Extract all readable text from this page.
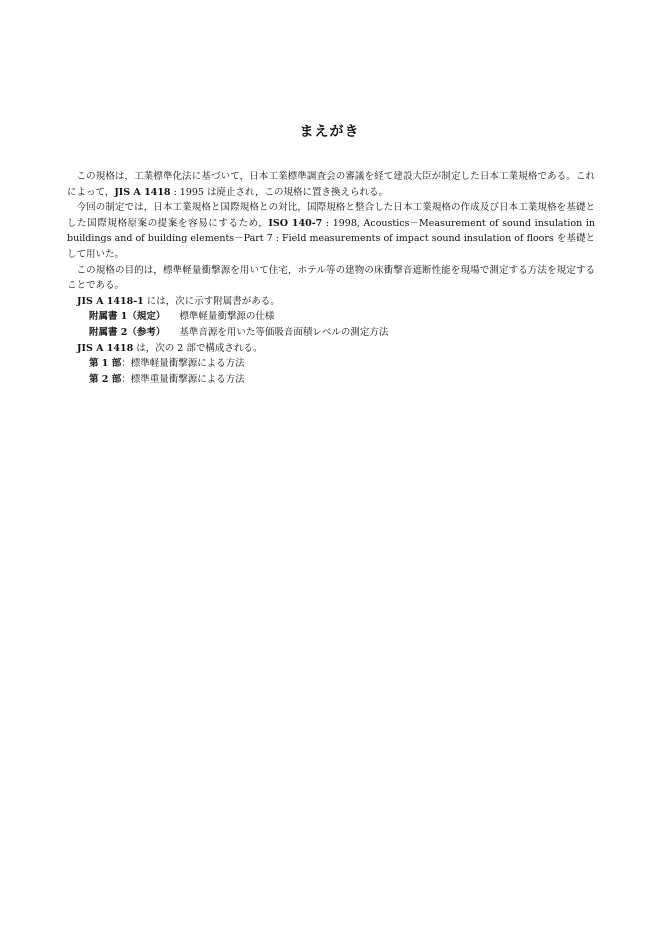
まえがき

この規格は，工業標準化法に基づいて，日本工業標準調査会の審議を経て建設大臣が制定した日本工業規格である。これによって，JIS A 1418 : 1995 は廃止され，この規格に置き換えられる。

今回の制定では，日本工業規格と国際規格との対比，国際規格と整合した日本工業規格の作成及び日本工業規格を基礎とした国際規格原案の提案を容易にするため，ISO 140-7 : 1998, Acoustics－Measurement of sound insulation in buildings and of building elements－Part 7 : Field measurements of impact sound insulation of floors を基礎として用いた。

この規格の目的は，標準軽量衝撃源を用いて住宅，ホテル等の建物の床衝撃音遮断性能を現場で測定する方法を規定することである。

JIS A 1418-1 には，次に示す附属書がある。

附属書 1（規定） 標準軽量衝撃源の仕様

附属書 2（参考） 基準音源を用いた等価吸音面積レベルの測定方法

JIS A 1418 は，次の 2 部で構成される。

第 1 部：標準軽量衝撃源による方法

第 2 部：標準重量衝撃源による方法
